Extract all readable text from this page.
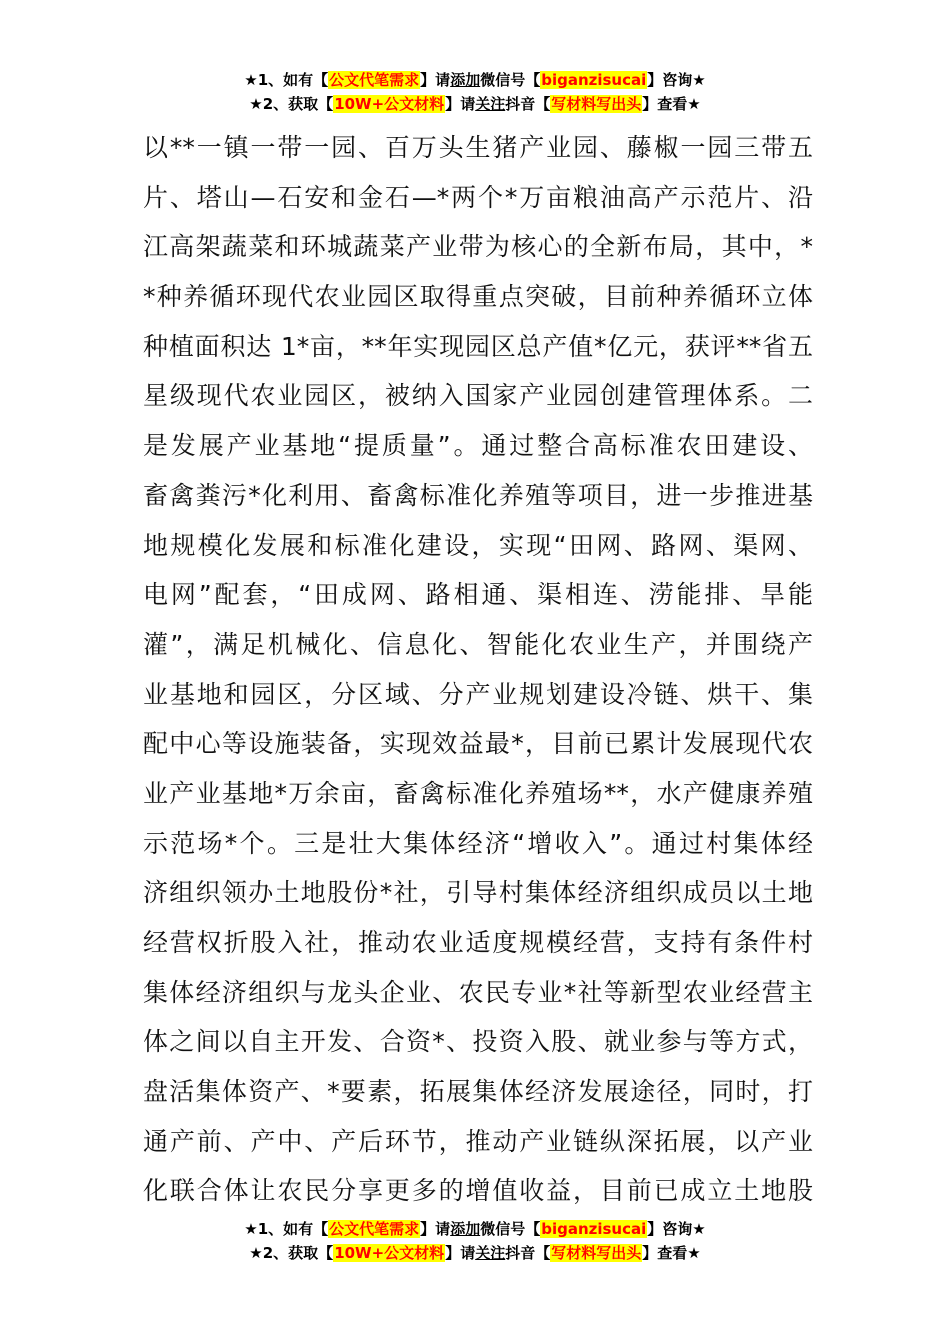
★1、如有【公文代笔需求】请添加微信号【biganzisucai】咨询★
★2、获取【10W+公文材料】请关注抖音【写材料写出头】查看★
以**一镇一带一园、百万头生猪产业园、藤椒一园三带五
片、塔山—石安和金石—*两个*万亩粮油高产示范片、沿
江高架蔬菜和环城蔬菜产业带为核心的全新布局，其中，*
*种养循环现代农业园区取得重点突破，目前种养循环立体
种植面积达 1*亩，**年实现园区总产值*亿元，获评**省五
星级现代农业园区，被纳入国家产业园创建管理体系。二
是发展产业基地“提质量”。通过整合高标准农田建设、
畜禽粪污*化利用、畜禽标准化养殖等项目，进一步推进基
地规模化发展和标准化建设，实现“田网、路网、渠网、
电网”配套，“田成网、路相通、渠相连、涝能排、旱能
灌”，满足机械化、信息化、智能化农业生产，并围绕产
业基地和园区，分区域、分产业规划建设冷链、烘干、集
配中心等设施装备，实现效益最*，目前已累计发展现代农
业产业基地*万余亩，畜禽标准化养殖场**，水产健康养殖
示范场*个。三是壮大集体经济“增收入”。通过村集体经
济组织领办土地股份*社，引导村集体经济组织成员以土地
经营权折股入社，推动农业适度规模经营，支持有条件村
集体经济组织与龙头企业、农民专业*社等新型农业经营主
体之间以自主开发、合资*、投资入股、就业参与等方式，
盘活集体资产、*要素，拓展集体经济发展途径，同时，打
通产前、产中、产后环节，推动产业链纵深拓展，以产业
化联合体让农民分享更多的增值收益，目前已成立土地股
★1、如有【公文代笔需求】请添加微信号【biganzisucai】咨询★
★2、获取【10W+公文材料】请关注抖音【写材料写出头】查看★
